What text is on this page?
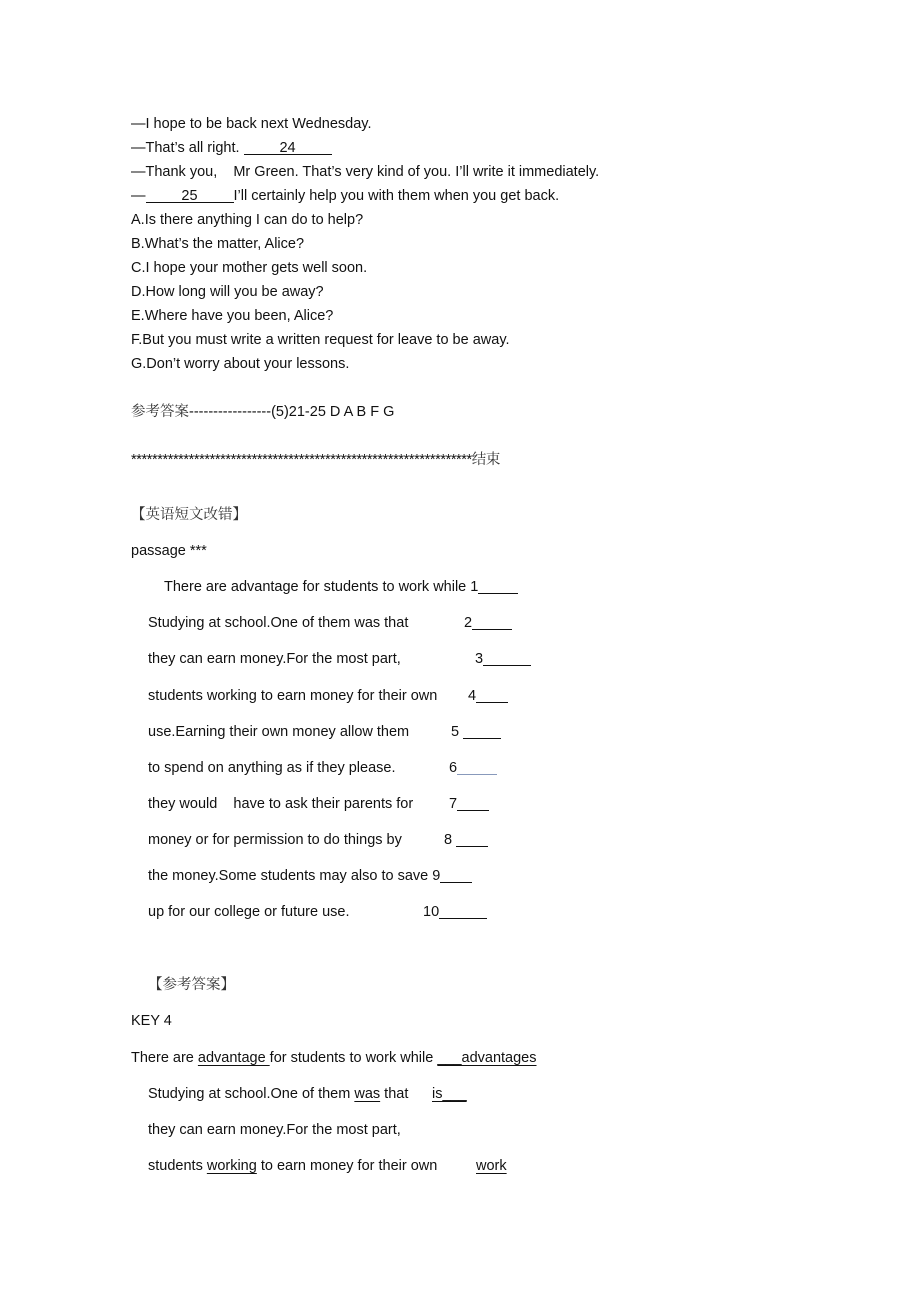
—I hope to be back next Wednesday.
—That’s all right. 24
—Thank you,    Mr Green. That’s very kind of you. I’ll write it immediately.
— 25 I’ll certainly help you with them when you get back.
A.Is there anything I can do to help?
B.What’s the matter, Alice?
C.I hope your mother gets well soon.
D.How long will you be away?
E.Where have you been, Alice?
F.But you must write a written request for leave to be away.
G.Don’t worry about your lessons.
参考答案-----------------(5)21-25 D A B F G
*****************************************************************结束
【英语短文改错】
passage ***
There are advantage for students to work while 1
Studying at school.One of them was that	2
they can earn money.For the most part,	3
students working to earn money for their own 4
use.Earning their own money allow them	5
to spend on anything as if they please.	6
they would    have to ask their parents for 7
money or for permission to do things by	8
the money.Some students may also to save 9
up for our college or future use.	10
【参考答案】
KEY 4
There are advantage for students to work while ___advantages
Studying at school.One of them was that is___
they can earn money.For the most part,
students working to earn money for their own	work
